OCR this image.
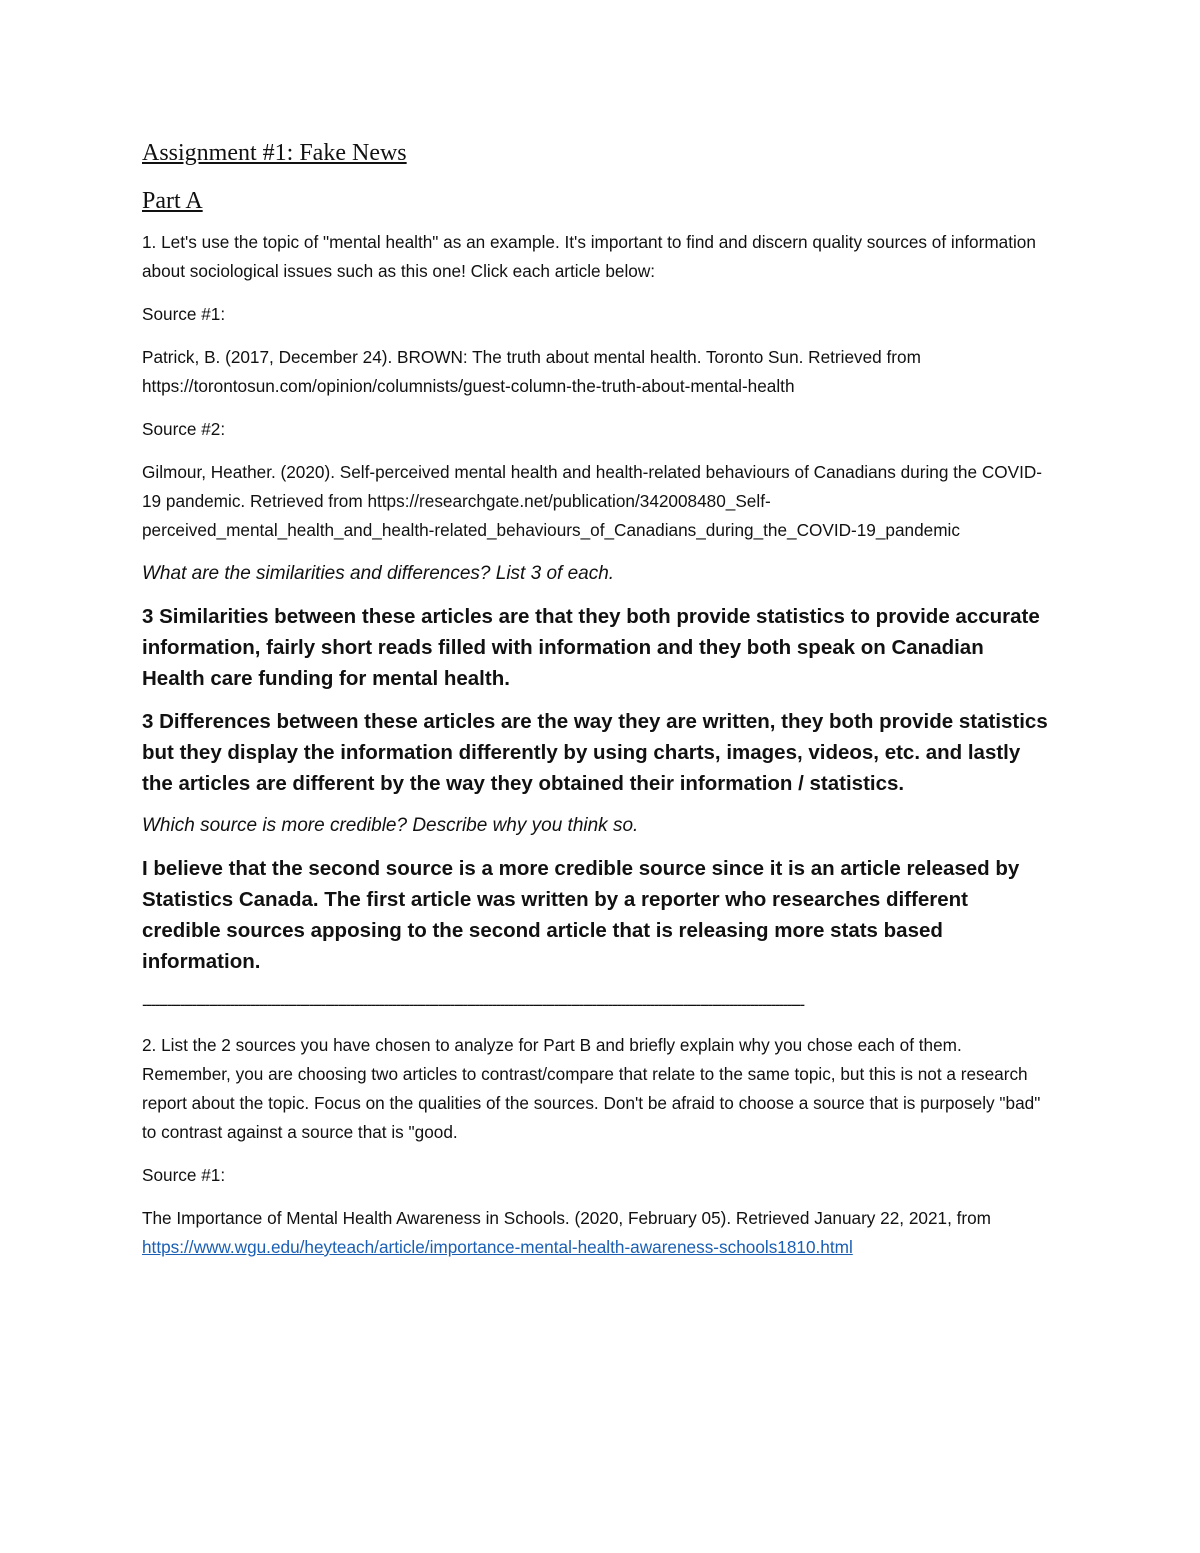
Assignment #1: Fake News
Part A

1. Let's use the topic of "mental health" as an example. It's important to find and discern quality sources of information about sociological issues such as this one! Click each article below:

Source #1:

Patrick, B. (2017, December 24). BROWN: The truth about mental health. Toronto Sun. Retrieved from https://torontosun.com/opinion/columnists/guest-column-the-truth-about-mental-health

Source #2:

Gilmour, Heather. (2020). Self-perceived mental health and health-related behaviours of Canadians during the COVID-19 pandemic. Retrieved from https://researchgate.net/publication/342008480_Self-perceived_mental_health_and_health-related_behaviours_of_Canadians_during_the_COVID-19_pandemic

What are the similarities and differences? List 3 of each.

3 Similarities between these articles are that they both provide statistics to provide accurate information, fairly short reads filled with information and they both speak on Canadian Health care funding for mental health.

3 Differences between these articles are the way they are written, they both provide statistics but they display the information differently by using charts, images, videos, etc. and lastly the articles are different by the way they obtained their information / statistics.

Which source is more credible? Describe why you think so.

I believe that the second source is a more credible source since it is an article released by Statistics Canada. The first article was written by a reporter who researches different credible sources apposing to the second article that is releasing more stats based information.

---------------------------------------------------------------------------------------------------------------------------------------------------------------

2. List the 2 sources you have chosen to analyze for Part B and briefly explain why you chose each of them. Remember, you are choosing two articles to contrast/compare that relate to the same topic, but this is not a research report about the topic. Focus on the qualities of the sources. Don't be afraid to choose a source that is purposely "bad" to contrast against a source that is "good.

Source #1:

The Importance of Mental Health Awareness in Schools. (2020, February 05). Retrieved January 22, 2021, from https://www.wgu.edu/heyteach/article/importance-mental-health-awareness-schools1810.html
